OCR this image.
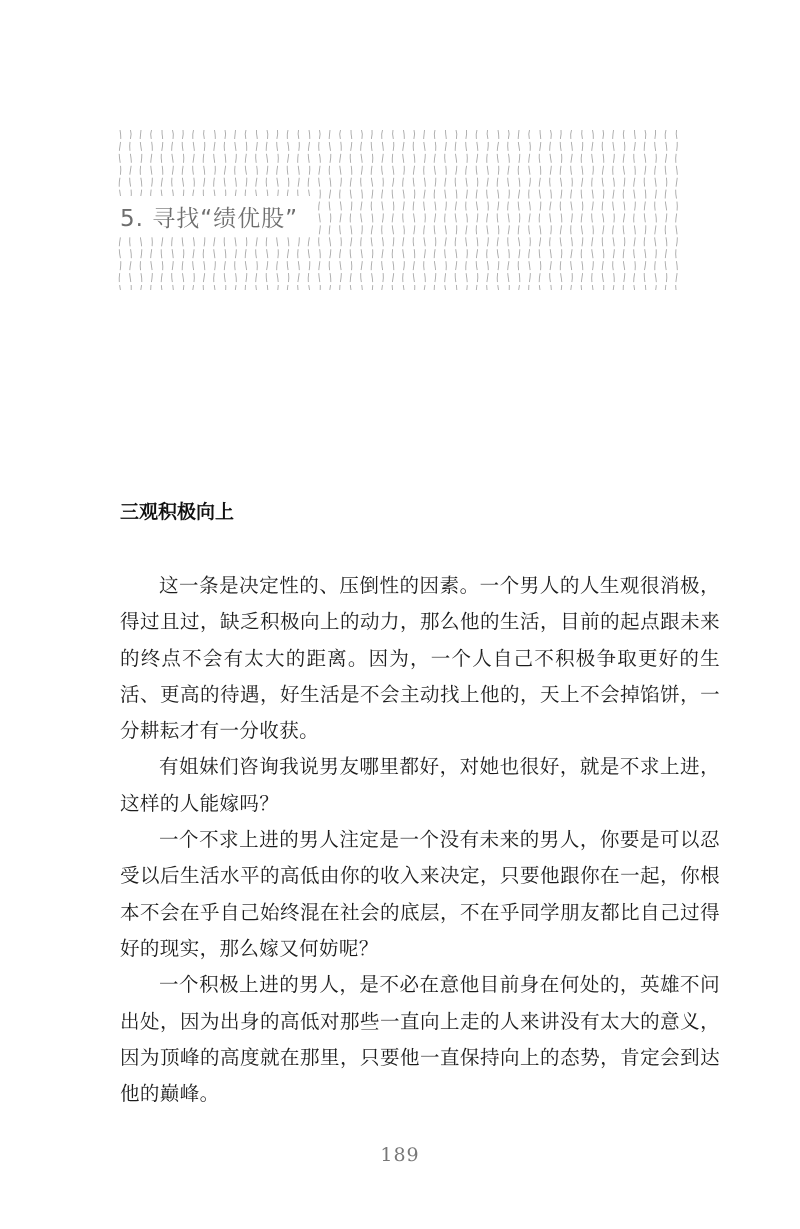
5. 寻找“绩优股”
三观积极向上

这一条是决定性的、压倒性的因素。一个男人的人生观很消极，得过且过，缺乏积极向上的动力，那么他的生活，目前的起点跟未来的终点不会有太大的距离。因为，一个人自己不积极争取更好的生活、更高的待遇，好生活是不会主动找上他的，天上不会掉馅饼，一分耕耘才有一分收获。

有姐妹们咨询我说男友哪里都好，对她也很好，就是不求上进，这样的人能嫁吗？

一个不求上进的男人注定是一个没有未来的男人，你要是可以忍受以后生活水平的高低由你的收入来决定，只要他跟你在一起，你根本不会在乎自己始终混在社会的底层，不在乎同学朋友都比自己过得好的现实，那么嫁又何妨呢？

一个积极上进的男人，是不必在意他目前身在何处的，英雄不问出处，因为出身的高低对那些一直向上走的人来讲没有太大的意义，因为顶峰的高度就在那里，只要他一直保持向上的态势，肯定会到达他的巅峰。

189
